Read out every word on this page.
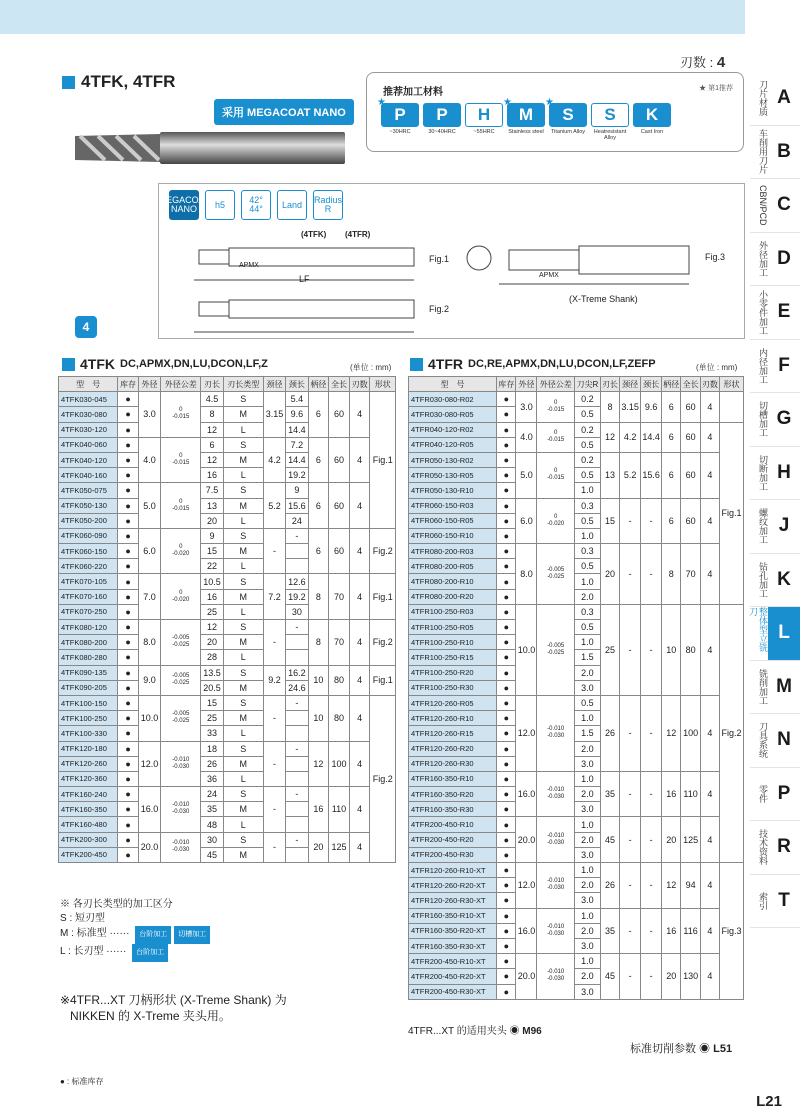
刃数 : 4
4TFK, 4TFR
采用 MEGACOAT NANO
推荐加工材料	★ 第1推荐
★
P
~30HRC
P
30~40HRC
H
~55HRC
★
M
Stainless steel
★
S
Titanium Alloy
S
Heatresistant Alloy
K
Cast Iron
MEGACOAT NANO h5	42° 44°	Land	Radius R
(4TFK) (4TFR)
Fig.1
Fig.2
Fig.3
(X-Treme Shank)
LF
APMX
APMX
4
4TFK DC,APMX,DN,LU,DCON,LF,Z	(单位 : mm)	4TFR DC,RE,APMX,DN,LU,DCON,LF,ZEFP	(单位 : mm)
型　号	库存	外径	外径公差	刃长	刃长类型	颈径	颈长	柄径	全长	刃数	形状
4TFK030-045	●	3.0	0
-0.015	4.5	S	3.15	5.4	6	60	4	Fig.1
4TFK030-080	●			8	M		9.6				
4TFK030-120	●			12	L		14.4				
4TFK040-060	●	4.0	0
-0.015	6	S	4.2	7.2	6	60	4	
4TFK040-120	●			12	M		14.4				
4TFK040-160	●			16	L		19.2				
4TFK050-075	●	5.0	0
-0.015	7.5	S	5.2	9	6	60	4	
4TFK050-130	●			13	M		15.6				
4TFK050-200	●			20	L		24				
4TFK060-090	●	6.0	0
-0.020	9	S	-	-	6	60	4	Fig.2
4TFK060-150	●			15	M						
4TFK060-220	●			22	L						
4TFK070-105	●	7.0	0
-0.020	10.5	S	7.2	12.6	8	70	4	Fig.1
4TFK070-160	●			16	M		19.2				
4TFK070-250	●			25	L		30				
4TFK080-120	●	8.0	-0.005
-0.025	12	S	-	-	8	70	4	Fig.2
4TFK080-200	●			20	M						
4TFK080-280	●			28	L						
4TFK090-135	●	9.0	-0.005
-0.025	13.5	S	9.2	16.2	10	80	4	Fig.1
4TFK090-205	●			20.5	M		24.6				
4TFK100-150	●	10.0	-0.005
-0.025	15	S	-	-	10	80	4	Fig.2
4TFK100-250	●			25	M						
4TFK100-330	●			33	L						
4TFK120-180	●	12.0	-0.010
-0.030	18	S	-	-	12	100	4	
4TFK120-260	●			26	M						
4TFK120-360	●			36	L						
4TFK160-240	●	16.0	-0.010
-0.030	24	S	-	-	16	110	4	
4TFK160-350	●			35	M						
4TFK160-480	●			48	L						
4TFK200-300	●	20.0	-0.010
-0.030	30	S	-	-	20	125	4	
4TFK200-450	●			45	M						
型　号	库存	外径	外径公差	刀尖R	刃长	颈径	颈长	柄径	全长	刃数	形状
4TFR030-080-R02	●	3.0	0
-0.015	0.2	8	3.15	9.6	6	60	4	
4TFR030-080-R05	●			0.5							
4TFR040-120-R02	●	4.0	0
-0.015	0.2	12	4.2	14.4	6	60	4	Fig.1
4TFR040-120-R05	●			0.5							
4TFR050-130-R02	●	5.0	0
-0.015	0.2	13	5.2	15.6	6	60	4	
4TFR050-130-R05	●			0.5							
4TFR050-130-R10	●			1.0							
4TFR060-150-R03	●	6.0	0
-0.020	0.3	15	-	-	6	60	4	
4TFR060-150-R05	●			0.5							
4TFR060-150-R10	●			1.0							
4TFR080-200-R03	●	8.0	-0.005
-0.025	0.3	20	-	-	8	70	4	
4TFR080-200-R05	●			0.5							
4TFR080-200-R10	●			1.0							
4TFR080-200-R20	●			2.0							
4TFR100-250-R03	●	10.0	-0.005
-0.025	0.3	25	-	-	10	80	4	Fig.2
4TFR100-250-R05	●			0.5							
4TFR100-250-R10	●			1.0							
4TFR100-250-R15	●			1.5							
4TFR100-250-R20	●			2.0							
4TFR100-250-R30	●			3.0							
4TFR120-260-R05	●	12.0	-0.010
-0.030	0.5	26	-	-	12	100	4	
4TFR120-260-R10	●			1.0							
4TFR120-260-R15	●			1.5							
4TFR120-260-R20	●			2.0							
4TFR120-260-R30	●			3.0							
4TFR160-350-R10	●	16.0	-0.010
-0.030	1.0	35	-	-	16	110	4	
4TFR160-350-R20	●			2.0							
4TFR160-350-R30	●			3.0							
4TFR200-450-R10	●	20.0	-0.010
-0.030	1.0	45	-	-	20	125	4	
4TFR200-450-R20	●			2.0							
4TFR200-450-R30	●			3.0							
4TFR120-260-R10-XT	●	12.0	-0.010
-0.030	1.0	26	-	-	12	94	4	Fig.3
4TFR120-260-R20-XT	●			2.0							
4TFR120-260-R30-XT	●			3.0							
4TFR160-350-R10-XT	●	16.0	-0.010
-0.030	1.0	35	-	-	16	116	4	
4TFR160-350-R20-XT	●			2.0							
4TFR160-350-R30-XT	●			3.0							
4TFR200-450-R10-XT	●	20.0	-0.010
-0.030	1.0	45	-	-	20	130	4	
4TFR200-450-R20-XT	●			2.0							
4TFR200-450-R30-XT	●			3.0							
※ 各刃长类型的加工区分
S : 短刃型
M : 标准型 ······ 台阶加工 切槽加工
L : 长刃型 ······ 台阶加工
※4TFR...XT 刀柄形状 (X-Treme Shank) 为
NIKKEN 的 X-Treme 夹头用。
4TFR...XT 的适用夹头 ◉ M96
标准切削参数 ◉ L51
● : 标准库存
L21
刀片材质 A
车削用刀片 B
CBN/PCD C
外径加工 D
小零件加工 E
内径加工 F
切槽加工 G
切断加工 H
螺纹加工 J
钻孔加工 K
整体型立铣刀
L
铣削加工 M
刀具系统 N
零件 P
技术资料 R
索引 T
